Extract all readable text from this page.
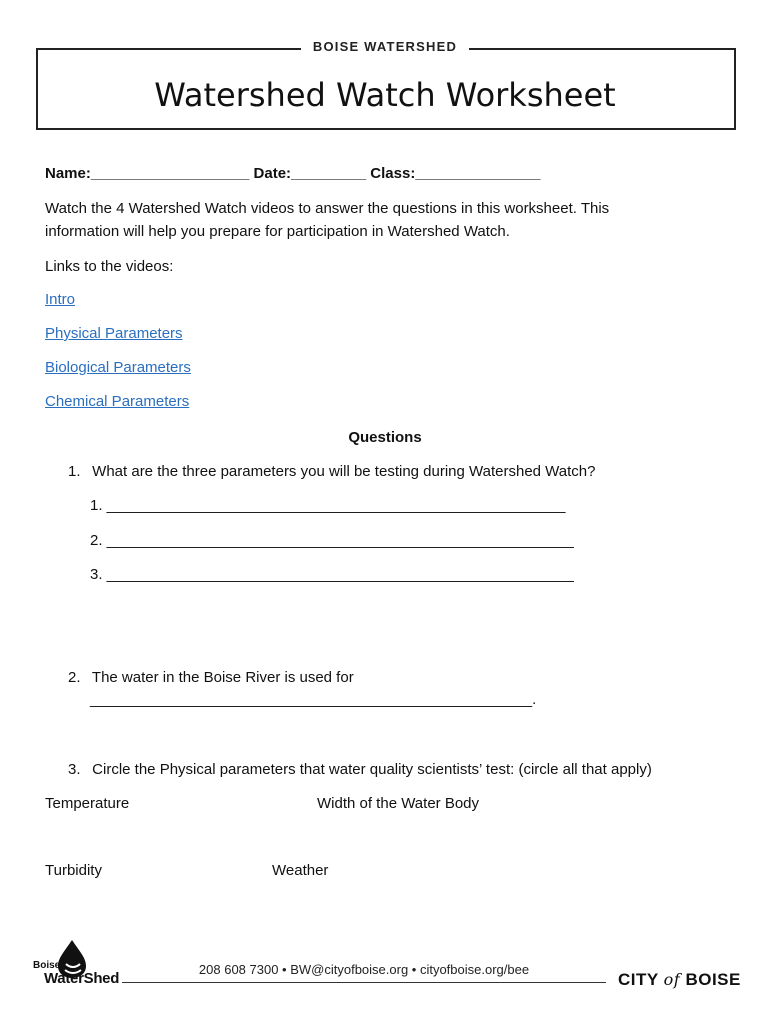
BOISE WATERSHED
Watershed Watch Worksheet
Name:___________________ Date:_________ Class:_______________
Watch the 4 Watershed Watch videos to answer the questions in this worksheet. This
information will help you prepare for participation in Watershed Watch.
Links to the videos:
Intro
Physical Parameters
Biological Parameters
Chemical Parameters
Questions
1. What are the three parameters you will be testing during Watershed Watch?
1. _______________________________________________________
2. ________________________________________________________
3. ________________________________________________________
2. The water in the Boise River is used for
_____________________________________________________.
3. Circle the Physical parameters that water quality scientists’ test: (circle all that apply)
Temperature	Width of the Water Body
Turbidity	Weather
Boise
WaterShed
208 608 7300 • BW@cityofboise.org • cityofboise.org/bee
CITY of BOISE
